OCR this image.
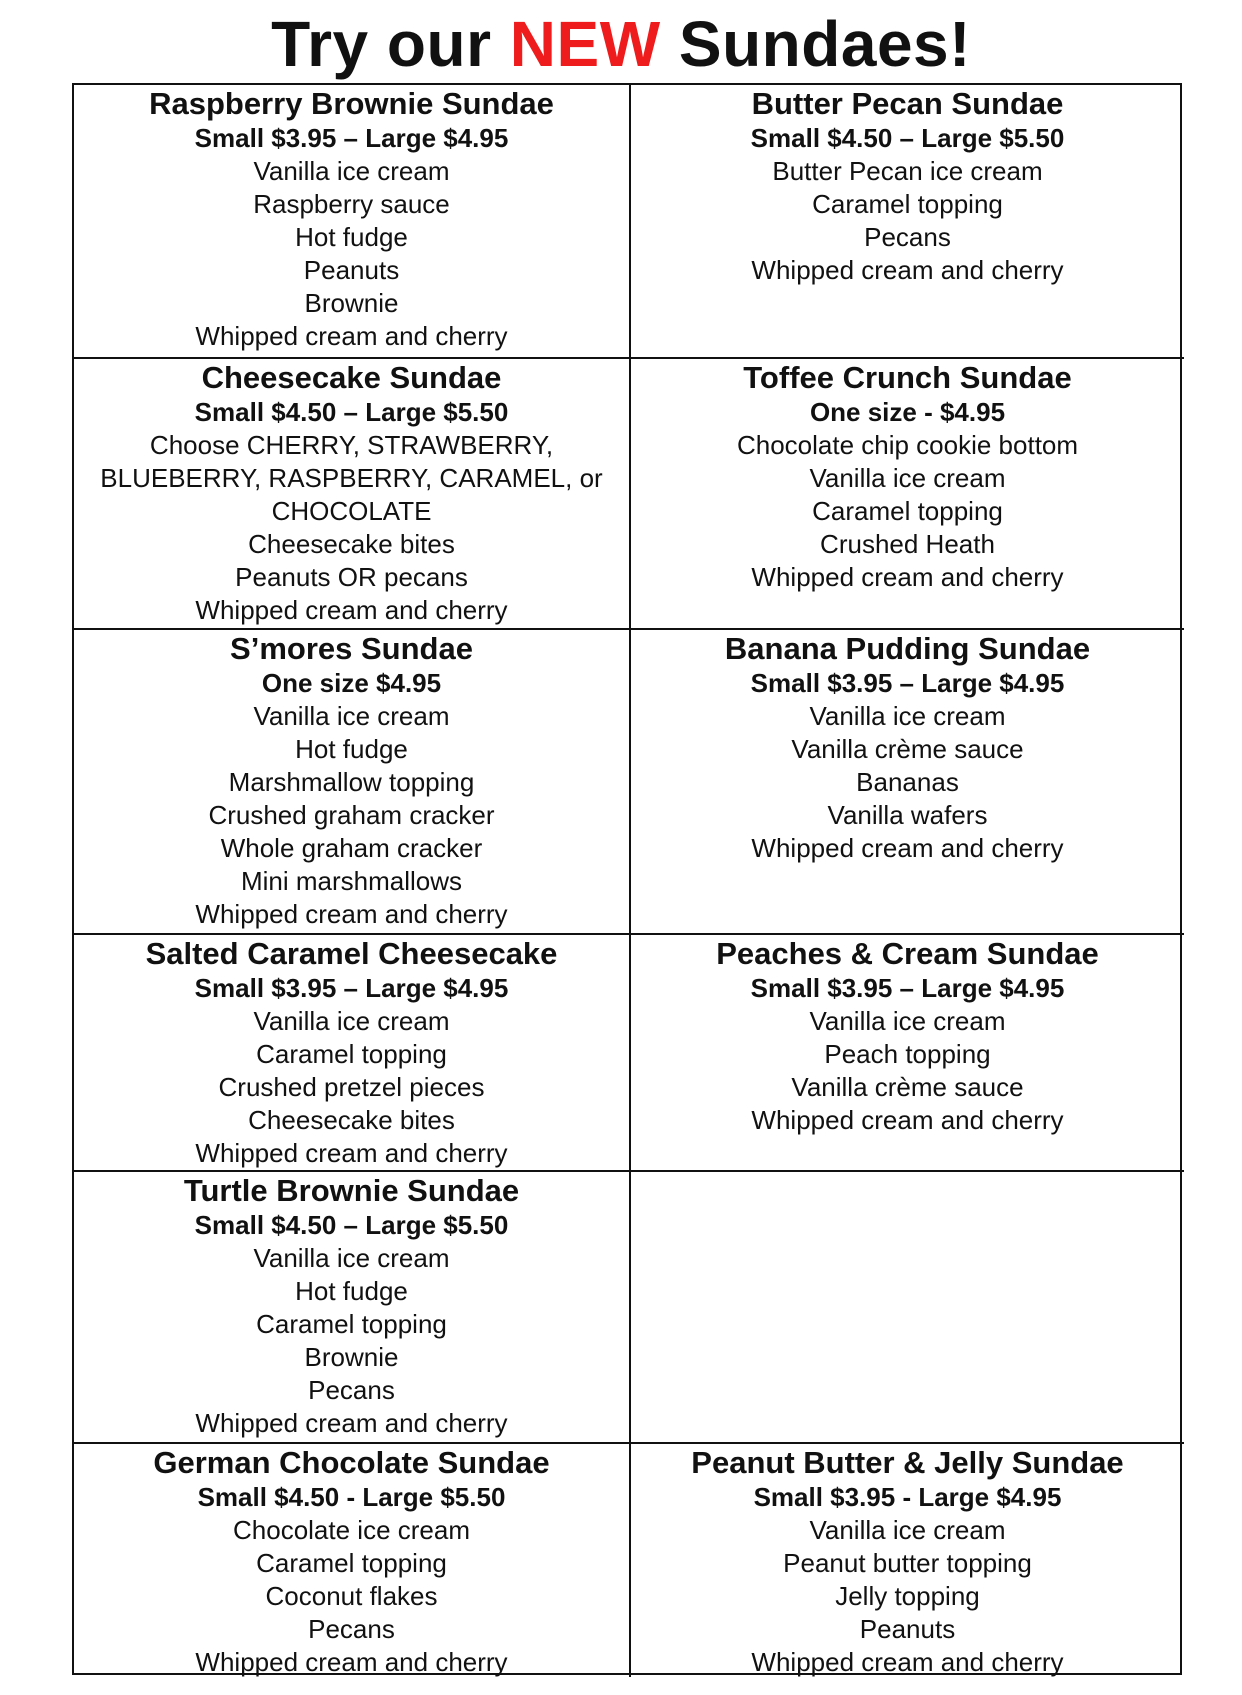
Try our NEW Sundaes!
Raspberry Brownie Sundae
Small $3.95 – Large $4.95
Vanilla ice cream
Raspberry sauce
Hot fudge
Peanuts
Brownie
Whipped cream and cherry
Butter Pecan Sundae
Small $4.50 – Large $5.50
Butter Pecan ice cream
Caramel topping
Pecans
Whipped cream and cherry
Cheesecake Sundae
Small $4.50 – Large $5.50
Choose CHERRY, STRAWBERRY,
BLUEBERRY, RASPBERRY, CARAMEL, or
CHOCOLATE
Cheesecake bites
Peanuts OR pecans
Whipped cream and cherry
Toffee Crunch Sundae
One size - $4.95
Chocolate chip cookie bottom
Vanilla ice cream
Caramel topping
Crushed Heath
Whipped cream and cherry
S’mores Sundae
One size $4.95
Vanilla ice cream
Hot fudge
Marshmallow topping
Crushed graham cracker
Whole graham cracker
Mini marshmallows
Whipped cream and cherry
Banana Pudding Sundae
Small $3.95 – Large $4.95
Vanilla ice cream
Vanilla crème sauce
Bananas
Vanilla wafers
Whipped cream and cherry
Salted Caramel Cheesecake
Small $3.95 – Large $4.95
Vanilla ice cream
Caramel topping
Crushed pretzel pieces
Cheesecake bites
Whipped cream and cherry
Peaches & Cream Sundae
Small $3.95 – Large $4.95
Vanilla ice cream
Peach topping
Vanilla crème sauce
Whipped cream and cherry
Turtle Brownie Sundae
Small $4.50 – Large $5.50
Vanilla ice cream
Hot fudge
Caramel topping
Brownie
Pecans
Whipped cream and cherry
German Chocolate Sundae
Small $4.50 - Large $5.50
Chocolate ice cream
Caramel topping
Coconut flakes
Pecans
Whipped cream and cherry
Peanut Butter & Jelly Sundae
Small $3.95 - Large $4.95
Vanilla ice cream
Peanut butter topping
Jelly topping
Peanuts
Whipped cream and cherry
